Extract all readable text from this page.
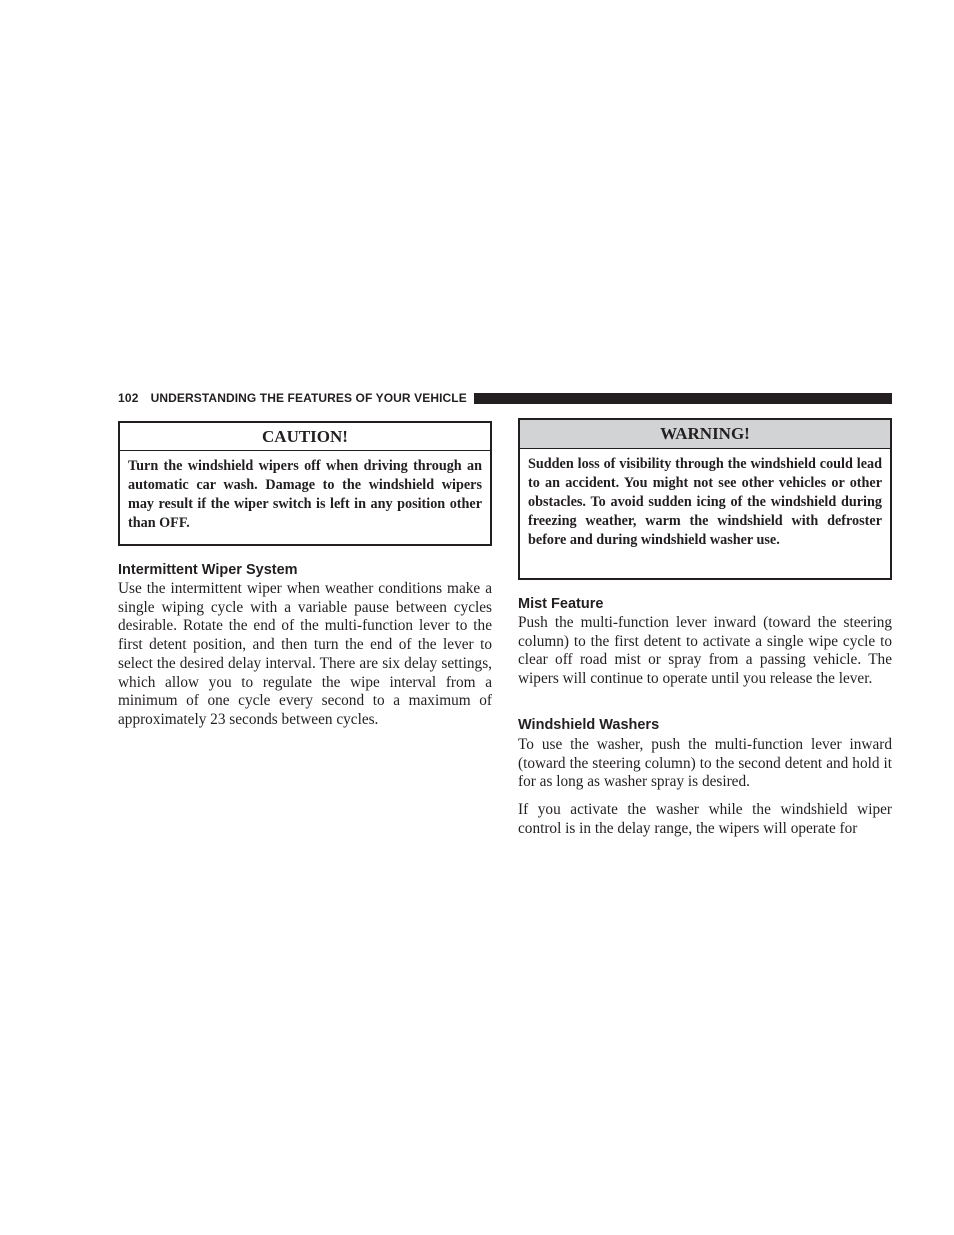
102 UNDERSTANDING THE FEATURES OF YOUR VEHICLE
CAUTION!
Turn the windshield wipers off when driving through an automatic car wash. Damage to the windshield wipers may result if the wiper switch is left in any position other than OFF.
Intermittent Wiper System
Use the intermittent wiper when weather conditions make a single wiping cycle with a variable pause between cycles desirable. Rotate the end of the multi-function lever to the first detent position, and then turn the end of the lever to select the desired delay interval. There are six delay settings, which allow you to regulate the wipe interval from a minimum of one cycle every second to a maximum of approximately 23 seconds between cycles.
WARNING!
Sudden loss of visibility through the windshield could lead to an accident. You might not see other vehicles or other obstacles. To avoid sudden icing of the windshield during freezing weather, warm the windshield with defroster before and during windshield washer use.
Mist Feature
Push the multi-function lever inward (toward the steering column) to the first detent to activate a single wipe cycle to clear off road mist or spray from a passing vehicle. The wipers will continue to operate until you release the lever.
Windshield Washers
To use the washer, push the multi-function lever inward (toward the steering column) to the second detent and hold it for as long as washer spray is desired.
If you activate the washer while the windshield wiper control is in the delay range, the wipers will operate for
